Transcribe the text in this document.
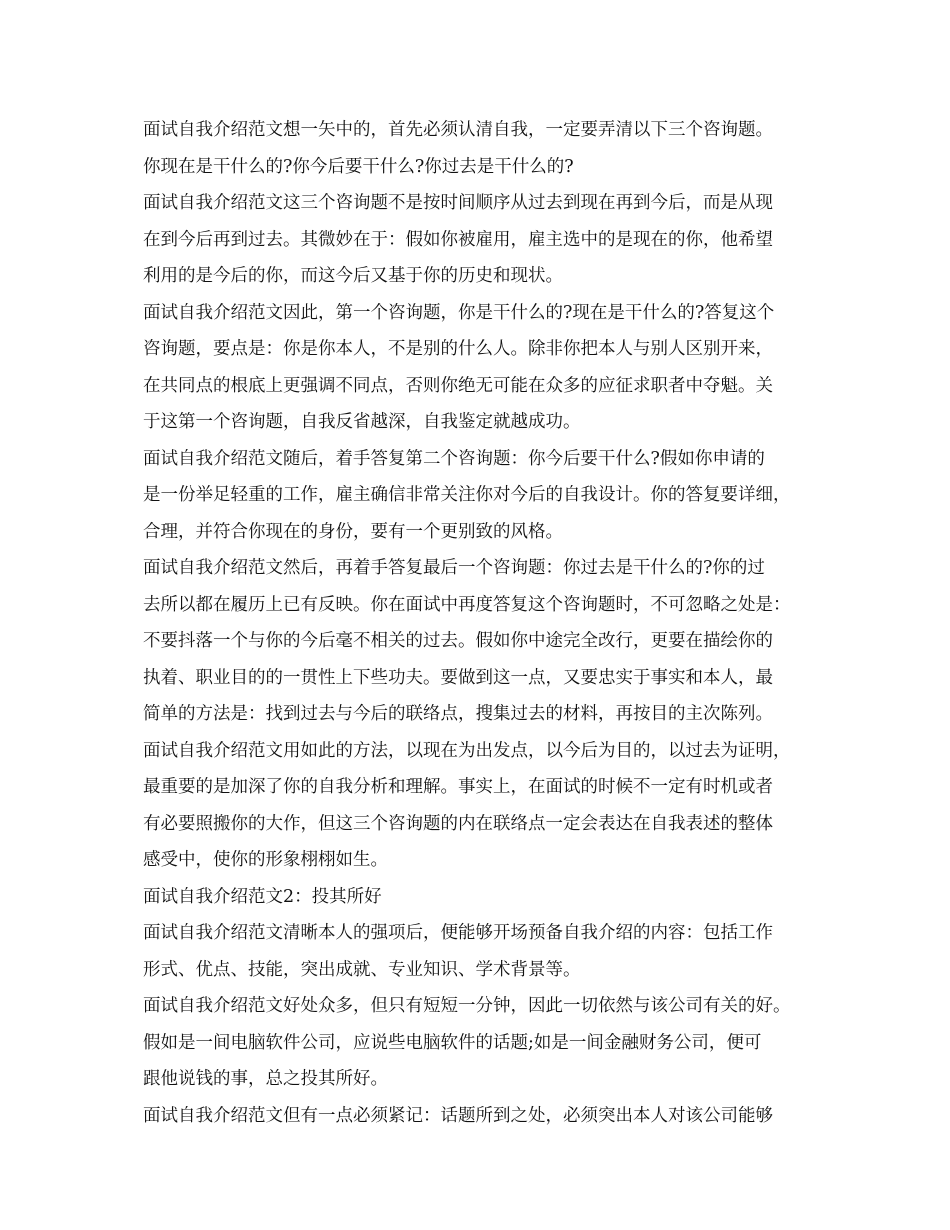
面试自我介绍范文想一矢中的，首先必须认清自我，一定要弄清以下三个咨询题。
你现在是干什么的?你今后要干什么?你过去是干什么的?
面试自我介绍范文这三个咨询题不是按时间顺序从过去到现在再到今后，而是从现
在到今后再到过去。其微妙在于：假如你被雇用，雇主选中的是现在的你，他希望
利用的是今后的你，而这今后又基于你的历史和现状。
面试自我介绍范文因此，第一个咨询题，你是干什么的?现在是干什么的?答复这个
咨询题，要点是：你是你本人，不是别的什么人。除非你把本人与别人区别开来，
在共同点的根底上更强调不同点，否则你绝无可能在众多的应征求职者中夺魁。关
于这第一个咨询题，自我反省越深，自我鉴定就越成功。
面试自我介绍范文随后，着手答复第二个咨询题：你今后要干什么?假如你申请的
是一份举足轻重的工作，雇主确信非常关注你对今后的自我设计。你的答复要详细，
合理，并符合你现在的身份，要有一个更别致的风格。
面试自我介绍范文然后，再着手答复最后一个咨询题：你过去是干什么的?你的过
去所以都在履历上已有反映。你在面试中再度答复这个咨询题时，不可忽略之处是：
不要抖落一个与你的今后毫不相关的过去。假如你中途完全改行，更要在描绘你的
执着、职业目的的一贯性上下些功夫。要做到这一点，又要忠实于事实和本人，最
简单的方法是：找到过去与今后的联络点，搜集过去的材料，再按目的主次陈列。
面试自我介绍范文用如此的方法，以现在为出发点，以今后为目的，以过去为证明，
最重要的是加深了你的自我分析和理解。事实上，在面试的时候不一定有时机或者
有必要照搬你的大作，但这三个咨询题的内在联络点一定会表达在自我表述的整体
感受中，使你的形象栩栩如生。
面试自我介绍范文2：投其所好
面试自我介绍范文清晰本人的强项后，便能够开场预备自我介绍的内容：包括工作
形式、优点、技能，突出成就、专业知识、学术背景等。
面试自我介绍范文好处众多，但只有短短一分钟，因此一切依然与该公司有关的好。
假如是一间电脑软件公司，应说些电脑软件的话题;如是一间金融财务公司，便可
跟他说钱的事，总之投其所好。
面试自我介绍范文但有一点必须紧记：话题所到之处，必须突出本人对该公司能够
